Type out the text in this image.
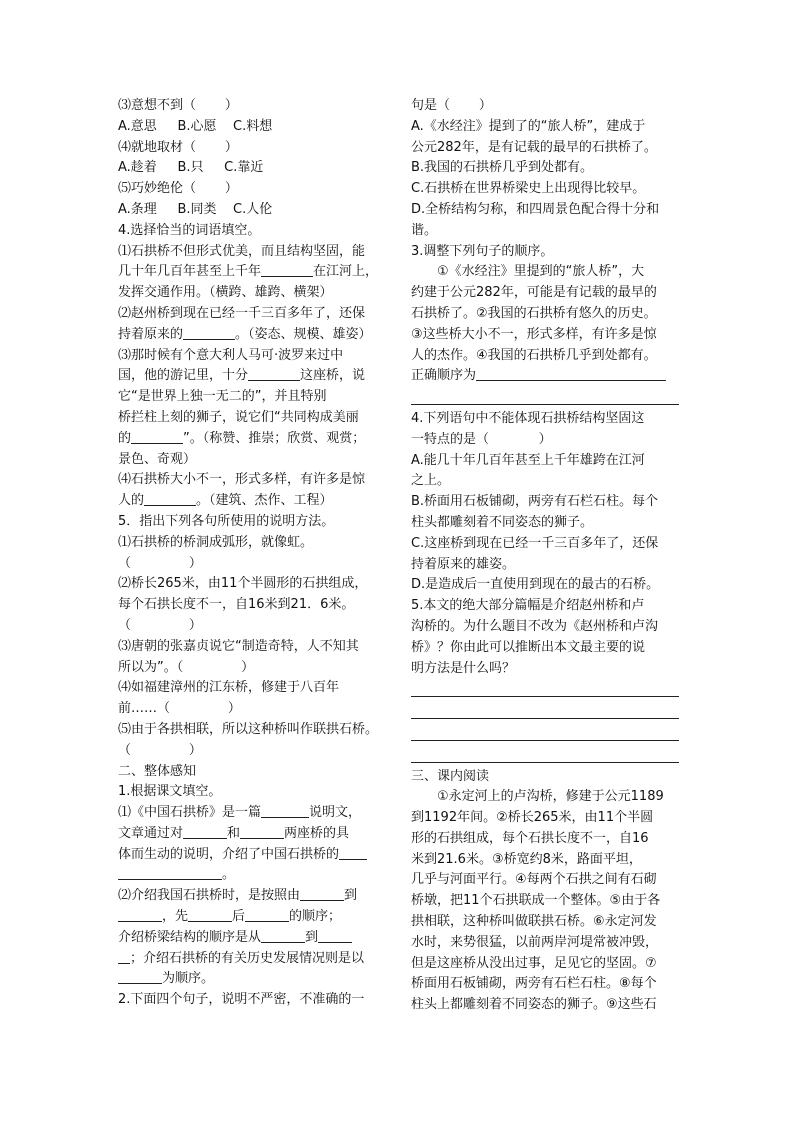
⑶意想不到（       ）
A.意思     B.心愿    C.料想
⑷就地取材（       ）
A.趁着     B.只     C.靠近
⑸巧妙绝伦（       ）
A.条理     B.同类    C.人伦
4.选择恰当的词语填空。
⑴石拱桥不但形式优美，而且结构坚固，能
几十年几百年甚至上千年	在江河上，
发挥交通作用。（横跨、雄跨、横架）
⑵赵州桥到现在已经一千三百多年了，还保
持着原来的	。（姿态、规模、雄姿）
⑶那时候有个意大利人马可·波罗来过中
国，他的游记里，十分	这座桥，说
它“是世界上独一无二的”，并且特别
桥拦柱上刻的狮子，说它们“共同构成美丽
的	”。（称赞、推崇；欣赏、观赏；
景色、奇观）
⑷石拱桥大小不一，形式多样，有许多是惊
人的	。（建筑、杰作、工程）
5．指出下列各句所使用的说明方法。
⑴石拱桥的桥洞成弧形，就像虹。
（              ）
⑵桥长265米，由11个半圆形的石拱组成，
每个石拱长度不一，自16米到21．6米。
（              ）
⑶唐朝的张嘉贞说它“制造奇特，人不知其
所以为”。（              ）
⑷如福建漳州的江东桥，修建于八百年
前……（              ）
⑸由于各拱相联，所以这种桥叫作联拱石桥。
（              ）
二、整体感知
1.根据课文填空。
⑴《中国石拱桥》是一篇	说明文，
文章通过对	和	两座桥的具
体而生动的说明，介绍了中国石拱桥的
。
⑵介绍我国石拱桥时，是按照由	到
，先	后	的顺序；
介绍桥梁结构的顺序是从	到
；介绍石拱桥的有关历史发展情况则是以
为顺序。
2.下面四个句子，说明不严密，不准确的一
句是（       ）
A.《水经注》提到了的“旅人桥”，建成于
公元282年，是有记载的最早的石拱桥了。
B.我国的石拱桥几乎到处都有。
C.石拱桥在世界桥梁史上出现得比较早。
D.全桥结构匀称，和四周景色配合得十分和
谐。
3.调整下列句子的顺序。
①《水经注》里提到的“旅人桥”，大
约建于公元282年，可能是有记载的最早的
石拱桥了。②我国的石拱桥有悠久的历史。
③这些桥大小不一，形式多样，有许多是惊
人的杰作。④我国的石拱桥几乎到处都有。
正确顺序为
4.下列语句中不能体现石拱桥结构坚固这
一特点的是（            ）
A.能几十年几百年甚至上千年雄跨在江河
之上。
B.桥面用石板铺砌，两旁有石栏石柱。每个
柱头都雕刻着不同姿态的狮子。
C.这座桥到现在已经一千三百多年了，还保
持着原来的雄姿。
D.是造成后一直使用到现在的最古的石桥。
5.本文的绝大部分篇幅是介绍赵州桥和卢
沟桥的。为什么题目不改为《赵州桥和卢沟
桥》？你由此可以推断出本文最主要的说
明方法是什么吗？
三、课内阅读
①永定河上的卢沟桥，修建于公元1189
到1192年间。②桥长265米，由11个半圆
形的石拱组成，每个石拱长度不一，自16
米到21.6米。③桥宽约8米，路面平坦，
几乎与河面平行。④每两个石拱之间有石砌
桥墩，把11个石拱联成一个整体。⑤由于各
拱相联，这种桥叫做联拱石桥。⑥永定河发
水时，来势很猛，以前两岸河堤常被冲毁，
但是这座桥从没出过事，足见它的坚固。⑦
桥面用石板铺砌，两旁有石栏石柱。⑧每个
柱头上都雕刻着不同姿态的狮子。⑨这些石
